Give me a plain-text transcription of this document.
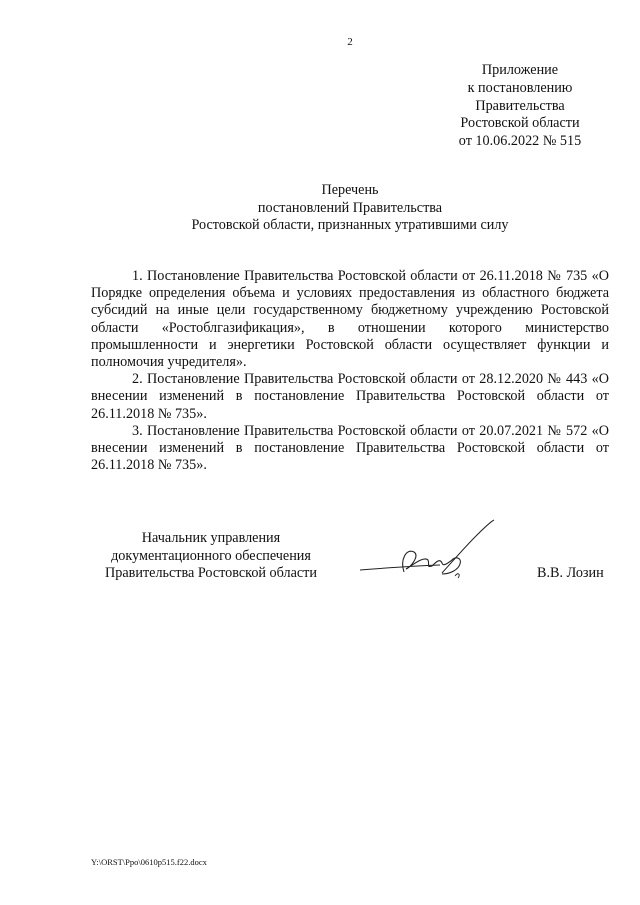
2
Приложение
к постановлению
Правительства
Ростовской области
от 10.06.2022 № 515
Перечень
постановлений Правительства
Ростовской области, признанных утратившими силу

1. Постановление Правительства Ростовской области от 26.11.2018 № 735 «О Порядке определения объема и условиях предоставления из областного бюджета субсидий на иные цели государственному бюджетному учреждению Ростовской области «Ростоблгазификация», в отношении которого министерство промышленности и энергетики Ростовской области осуществляет функции и полномочия учредителя».

2. Постановление Правительства Ростовской области от 28.12.2020 № 443 «О внесении изменений в постановление Правительства Ростовской области от 26.11.2018 № 735».

3. Постановление Правительства Ростовской области от 20.07.2021 № 572 «О внесении изменений в постановление Правительства Ростовской области от 26.11.2018 № 735».

Начальник управления
документационного обеспечения
Правительства Ростовской области	В.В. Лозин
Y:\ORST\Ppo\0610p515.f22.docx
